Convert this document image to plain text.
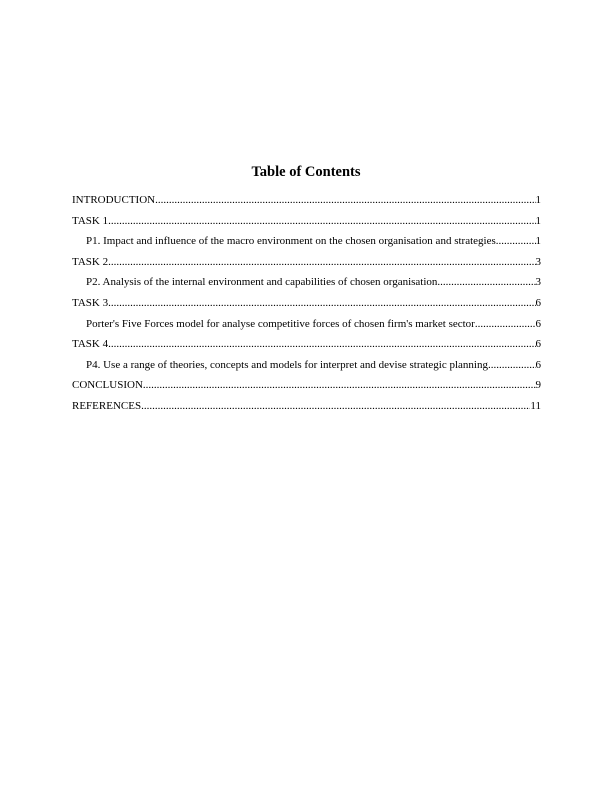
Table of Contents
INTRODUCTION .....	1
TASK 1 .....	1
P1. Impact and influence of the macro environment on the chosen organisation and strategies .....	1
TASK 2 .....	3
P2. Analysis of the internal environment and capabilities of chosen organisation .....	3
TASK 3 .....	6
Porter's Five Forces model for analyse competitive forces of chosen firm's market sector .....	6
TASK 4 .....	6
P4. Use a range of theories, concepts and models for interpret and devise strategic planning .....	6
CONCLUSION .....	9
REFERENCES .....	11
